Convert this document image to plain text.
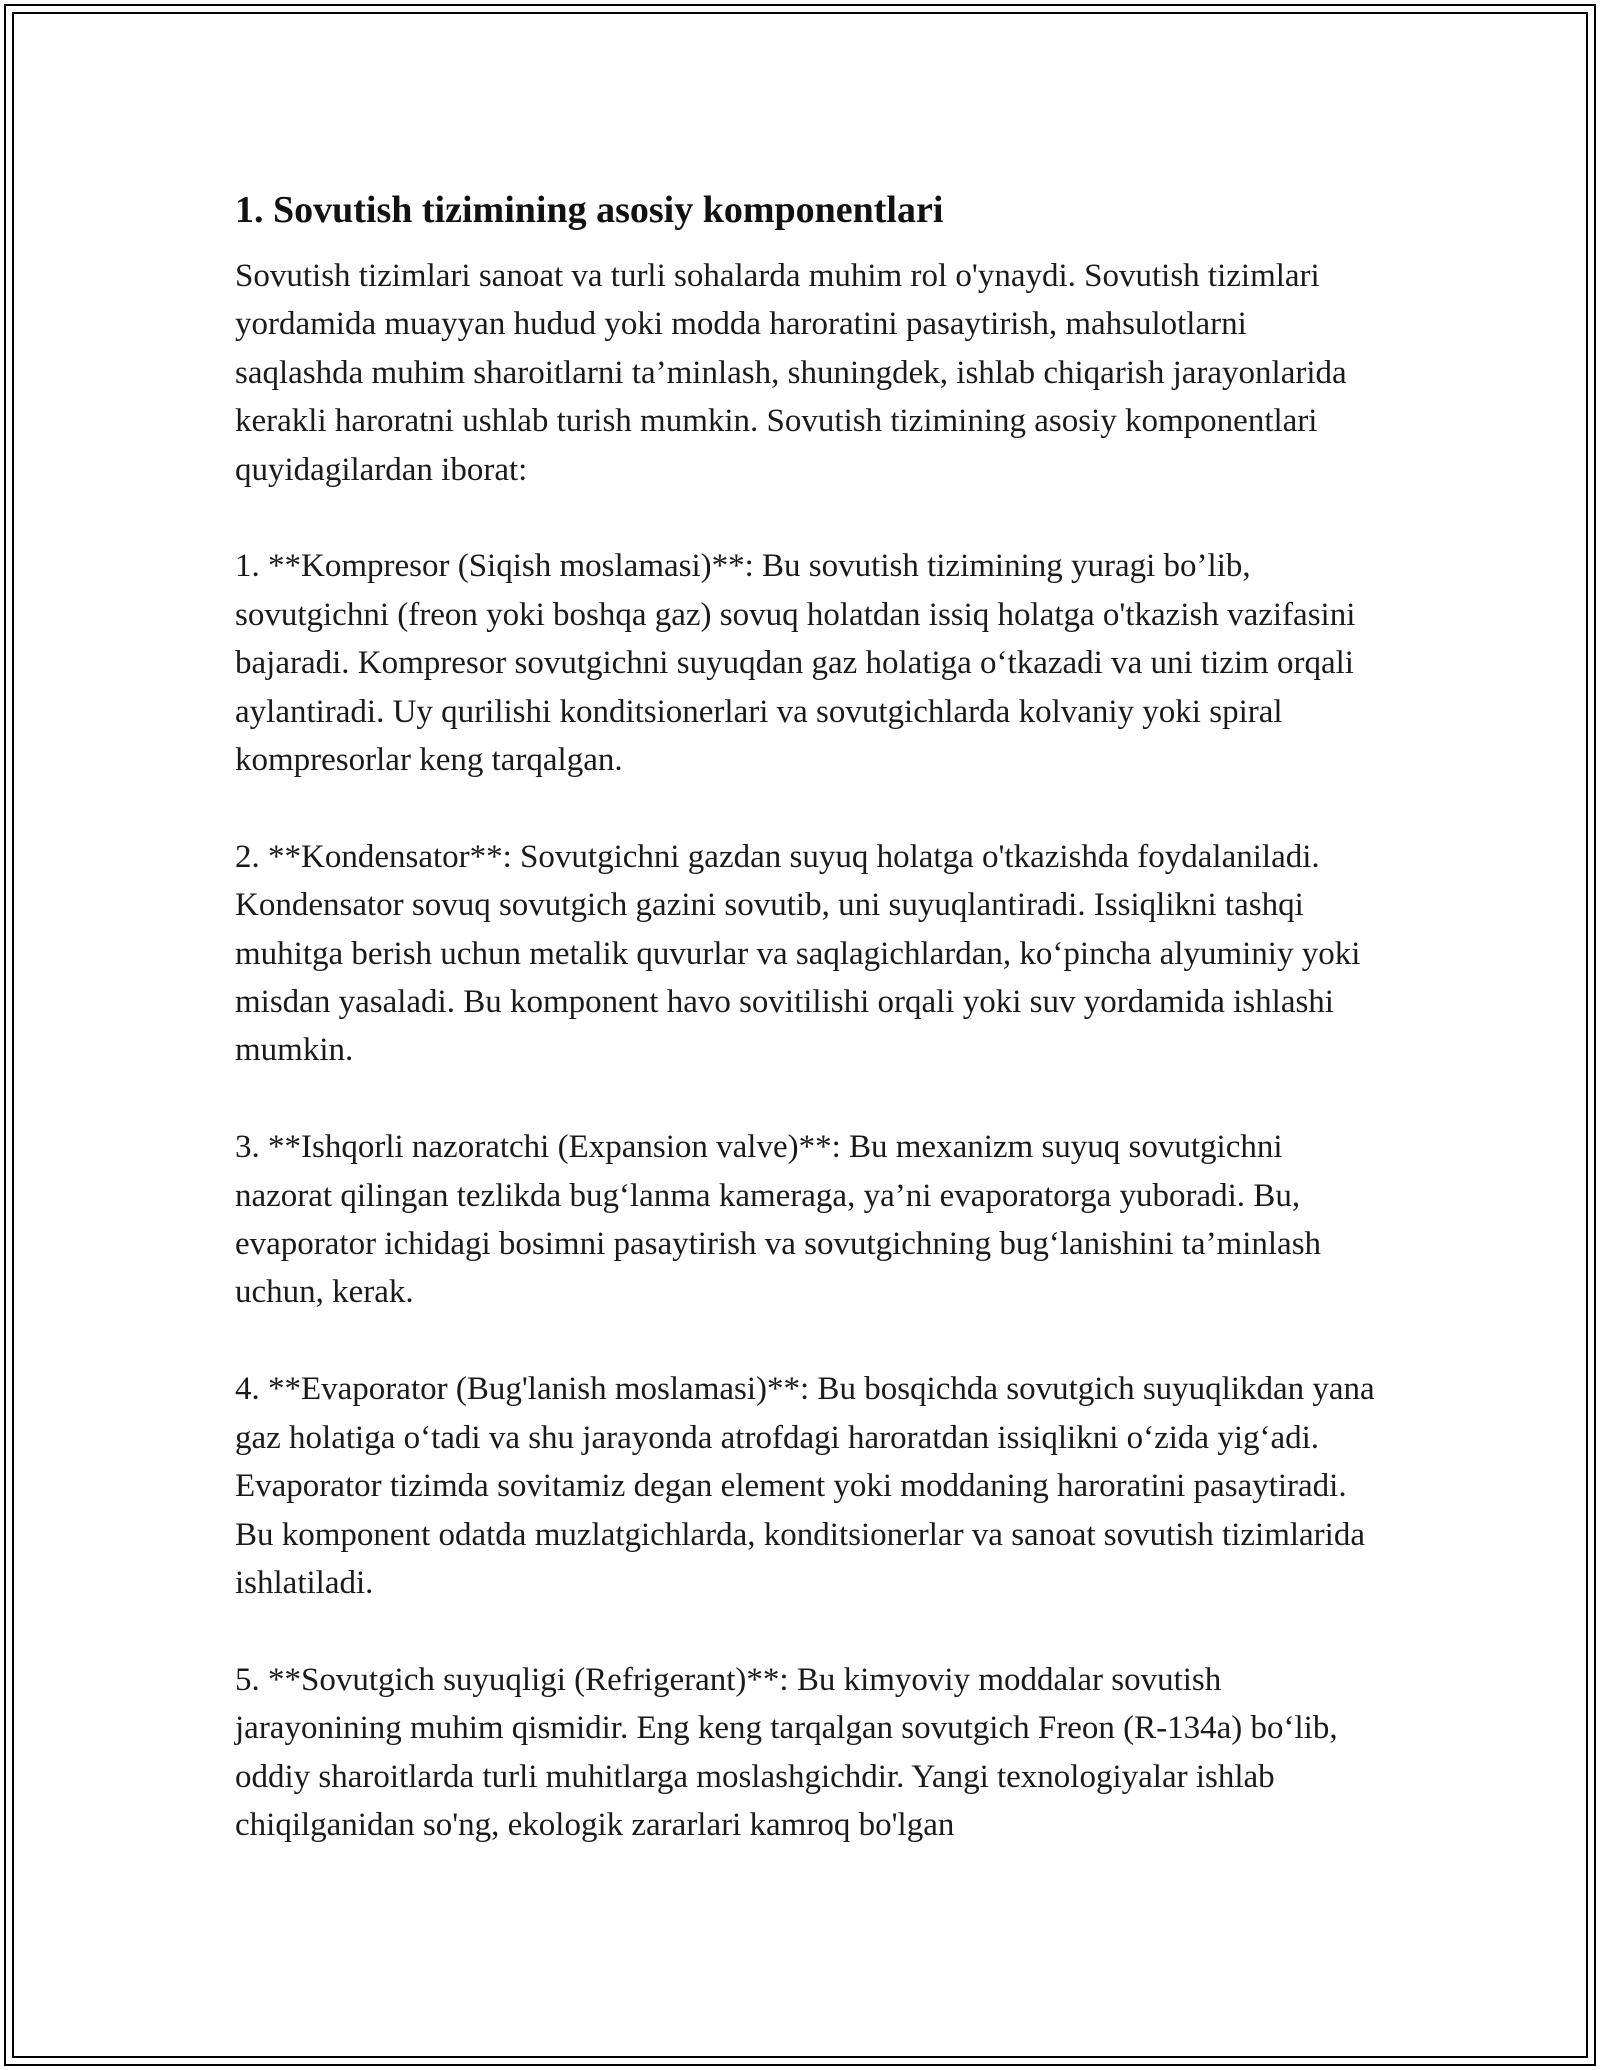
1. Sovutish tizimining asosiy komponentlari

Sovutish tizimlari sanoat va turli sohalarda muhim rol o'ynaydi. Sovutish tizimlari yordamida muayyan hudud yoki modda haroratini pasaytirish, mahsulotlarni saqlashda muhim sharoitlarni ta’minlash, shuningdek, ishlab chiqarish jarayonlarida kerakli haroratni ushlab turish mumkin. Sovutish tizimining asosiy komponentlari quyidagilardan iborat:

1. **Kompresor (Siqish moslamasi)**: Bu sovutish tizimining yuragi bo’lib, sovutgichni (freon yoki boshqa gaz) sovuq holatdan issiq holatga o'tkazish vazifasini bajaradi. Kompresor sovutgichni suyuqdan gaz holatiga o‘tkazadi va uni tizim orqali aylantiradi. Uy qurilishi konditsionerlari va sovutgichlarda kolvaniy yoki spiral kompresorlar keng tarqalgan.

2. **Kondensator**: Sovutgichni gazdan suyuq holatga o'tkazishda foydalaniladi. Kondensator sovuq sovutgich gazini sovutib, uni suyuqlantiradi. Issiqlikni tashqi muhitga berish uchun metalik quvurlar va saqlagichlardan, ko‘pincha alyuminiy yoki misdan yasaladi. Bu komponent havo sovitilishi orqali yoki suv yordamida ishlashi mumkin.

3. **Ishqorli nazoratchi (Expansion valve)**: Bu mexanizm suyuq sovutgichni nazorat qilingan tezlikda bug‘lanma kameraga, ya’ni evaporatorga yuboradi. Bu, evaporator ichidagi bosimni pasaytirish va sovutgichning bug‘lanishini ta’minlash uchun, kerak.

4. **Evaporator (Bug'lanish moslamasi)**: Bu bosqichda sovutgich suyuqlikdan yana gaz holatiga o‘tadi va shu jarayonda atrofdagi haroratdan issiqlikni o‘zida yig‘adi. Evaporator tizimda sovitamiz degan element yoki moddaning haroratini pasaytiradi. Bu komponent odatda muzlatgichlarda, konditsionerlar va sanoat sovutish tizimlarida ishlatiladi.

5. **Sovutgich suyuqligi (Refrigerant)**: Bu kimyoviy moddalar sovutish jarayonining muhim qismidir. Eng keng tarqalgan sovutgich Freon (R-134a) bo‘lib, oddiy sharoitlarda turli muhitlarga moslashgichdir. Yangi texnologiyalar ishlab chiqilganidan so'ng, ekologik zararlari kamroq bo'lgan
